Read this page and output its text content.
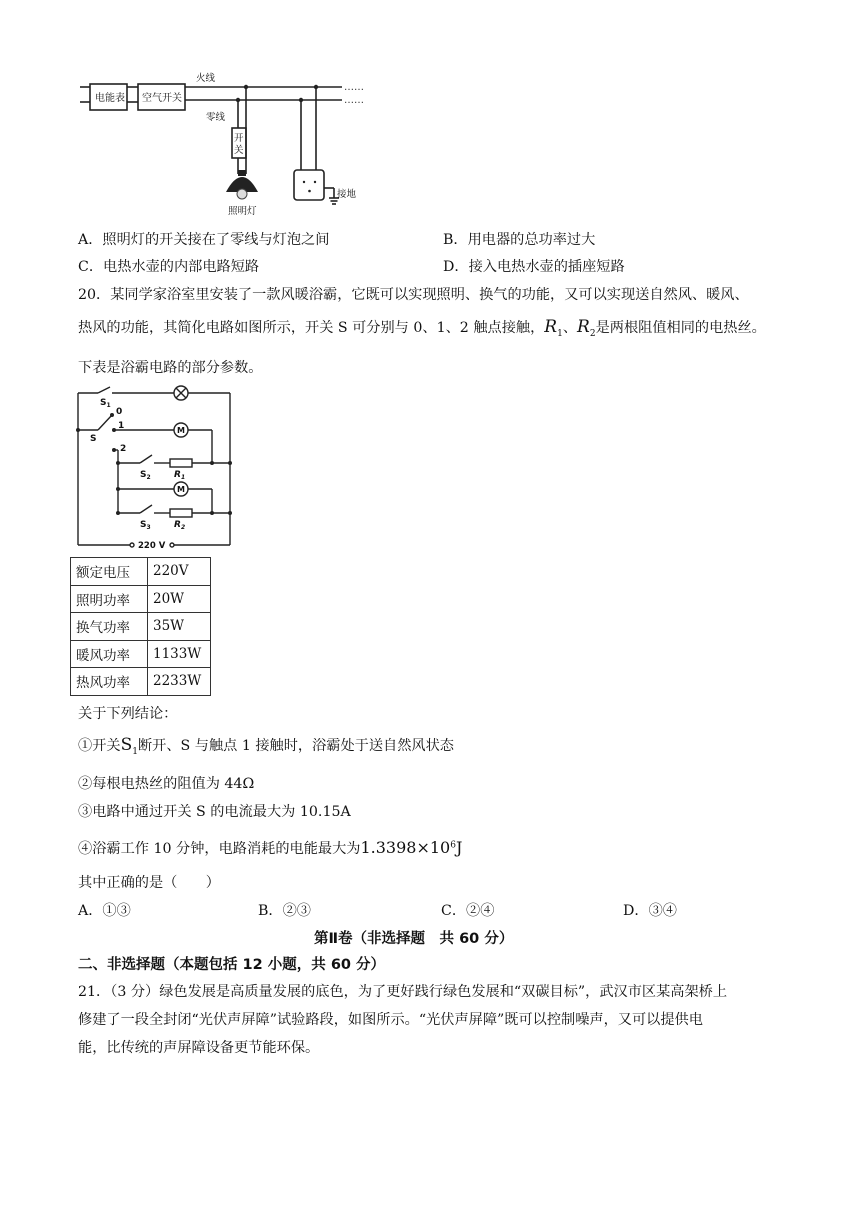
……
……
电能表 空气开关
火线
零线
开
关
照明灯
接地
A．照明灯的开关接在了零线与灯泡之间	B．用电器的总功率过大
C．电热水壶的内部电路短路	D．接入电热水壶的插座短路
20．某同学家浴室里安装了一款风暖浴霸，它既可以实现照明、换气的功能，又可以实现送自然风、暖风、
热风的功能，其简化电路如图所示，开关 S 可分别与 0、1、2 触点接触，$R_1$、$R_2$是两根阻值相同的电热丝。
下表是浴霸电路的部分参数。
$S_1$
0
S
1
2
M
M
$S_2$	$R_1$
$S_3$	$R_2$
220 V
额定电压	220V
照明功率	20W
换气功率	35W
暖风功率	1133W
热风功率	2233W
关于下列结论：
①开关$S_1$断开、S 与触点 1 接触时，浴霸处于送自然风状态
②每根电热丝的阻值为 44Ω
③电路中通过开关 S 的电流最大为 10.15A
④浴霸工作 10 分钟，电路消耗的电能最大为$1.3398\times 10^6J$
其中正确的是（　　）
A．①③	B．②③	C．②④	D．③④
第Ⅱ卷（非选择题　共 60 分）
二、非选择题（本题包括 12 小题，共 60 分）
21．（3 分）绿色发展是高质量发展的底色，为了更好践行绿色发展和“双碳目标”，武汉市区某高架桥上
修建了一段全封闭“光伏声屏障”试验路段，如图所示。“光伏声屏障”既可以控制噪声，又可以提供电
能，比传统的声屏障设备更节能环保。
